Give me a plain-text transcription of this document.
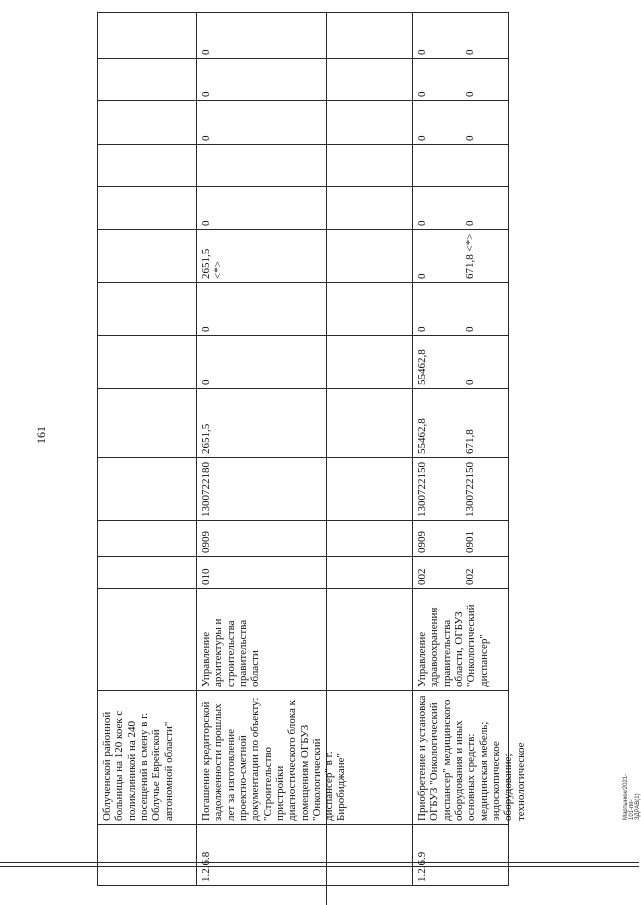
161
Мартынюк/2021-101-пп-ЗДРАВ(1)
Облученской районной больницы на 120 коек с поликлиникой на 240 посещений в смену в г. Облучье Еврейской автономной области"
1.2.6.8
Погашение кредиторской задолженности прошлых лет за изготовление проектно-сметной документации по объекту: "Строительство пристройки диагностического блока к помещениям ОГБУЗ "Онкологический диспансер" в г. Биробиджане"
Управление архитектуры и строительства правительства области
010
0909
1300722180
2651,5
0
0
2651,5 <*>
0
0
0
0
1.2.6.9
Приобретение и установка ОГБУЗ "Онкологический диспансер" медицинского оборудования и иных основных средств: медицинская мебель; эндоскопическое оборудование; технологическое
Управление здравоохранения правительства области, ОГБУЗ "Онкологический диспансер"
002
0909
1300722150
55462,8
55462,8
0
0
0
0
0
0
002
0901
1300722150
671,8
0
0
671,8 <*>
0
0
0
0
